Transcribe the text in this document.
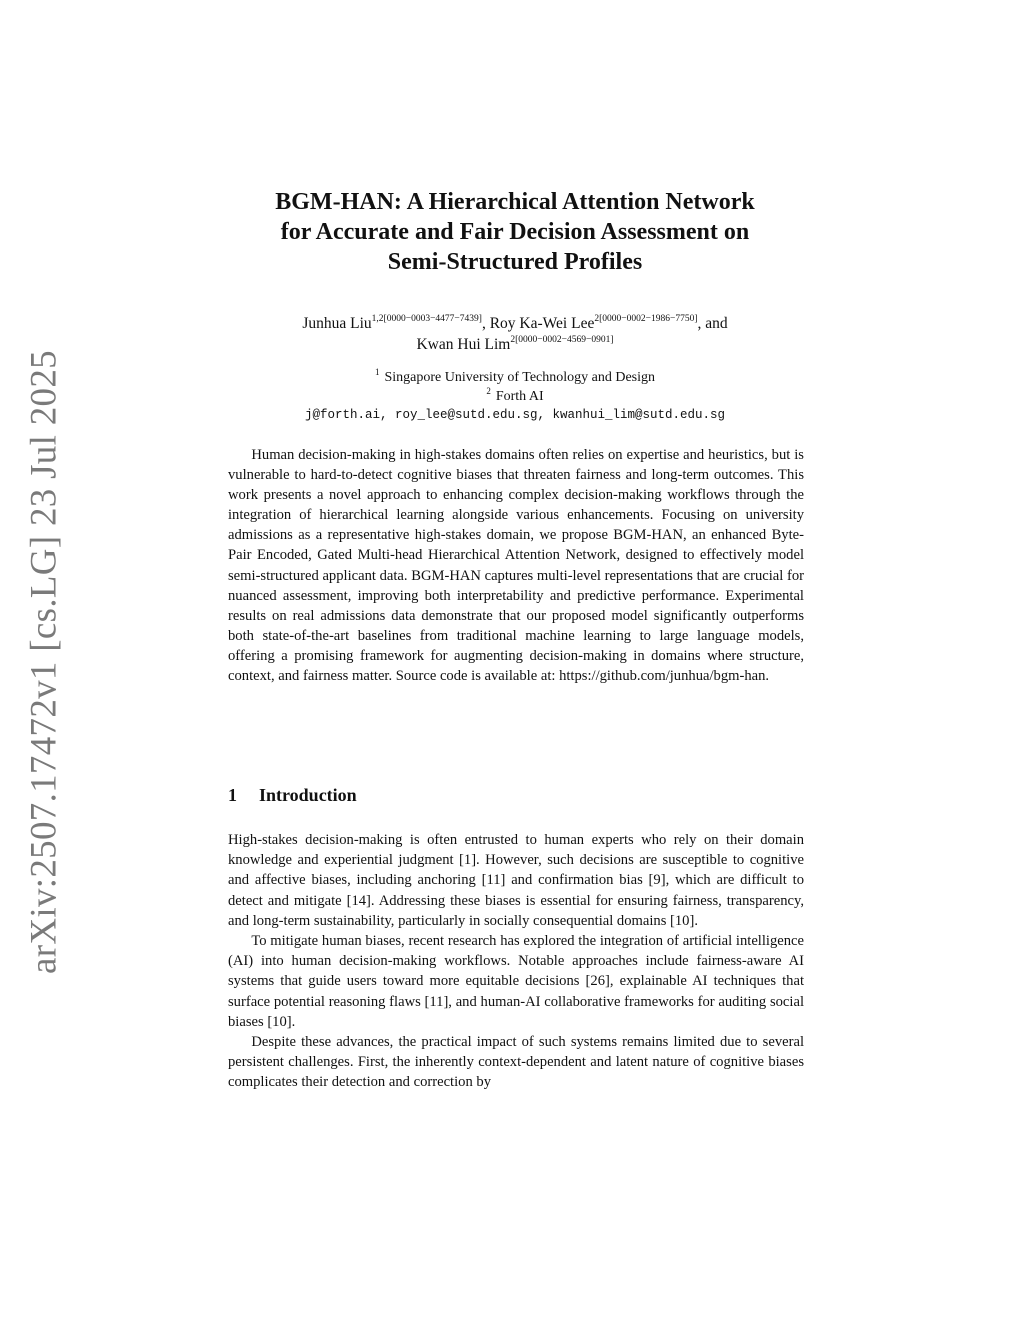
arXiv:2507.17472v1 [cs.LG] 23 Jul 2025
BGM-HAN: A Hierarchical Attention Network
for Accurate and Fair Decision Assessment on
Semi-Structured Profiles
Junhua Liu$^{1,2[0000-0003-4477-7439]}$, Roy Ka-Wei Lee$^{2[0000-0002-1986-7750]}$, and
Kwan Hui Lim$^{2[0000-0002-4569-0901]}$
$^1$ Singapore University of Technology and Design
$^2$ Forth AI
j@forth.ai, roy_lee@sutd.edu.sg, kwanhui_lim@sutd.edu.sg

Human decision-making in high-stakes domains often relies on expertise and heuristics, but is vulnerable to hard-to-detect cognitive biases that threaten fairness and long-term outcomes. This work presents a novel approach to enhancing complex decision-making workflows through the integration of hierarchical learning alongside various enhancements. Focusing on university admissions as a representative high-stakes domain, we propose BGM-HAN, an enhanced Byte-Pair Encoded, Gated Multi-head Hierarchical Attention Network, designed to effectively model semi-structured applicant data. BGM-HAN captures multi-level representations that are crucial for nuanced assessment, improving both interpretability and predictive performance. Experimental results on real admissions data demonstrate that our proposed model significantly outperforms both state-of-the-art baselines from traditional machine learning to large language models, offering a promising framework for augmenting decision-making in domains where structure, context, and fairness matter. Source code is available at: https://github.com/junhua/bgm-han.

1 Introduction

High-stakes decision-making is often entrusted to human experts who rely on their domain knowledge and experiential judgment [1]. However, such decisions are susceptible to cognitive and affective biases, including anchoring [11] and confirmation bias [9], which are difficult to detect and mitigate [14]. Addressing these biases is essential for ensuring fairness, transparency, and long-term sustainability, particularly in socially consequential domains [10].

To mitigate human biases, recent research has explored the integration of artificial intelligence (AI) into human decision-making workflows. Notable approaches include fairness-aware AI systems that guide users toward more equitable decisions [26], explainable AI techniques that surface potential reasoning flaws [11], and human-AI collaborative frameworks for auditing social biases [10].

Despite these advances, the practical impact of such systems remains limited due to several persistent challenges. First, the inherently context-dependent and latent nature of cognitive biases complicates their detection and correction by
